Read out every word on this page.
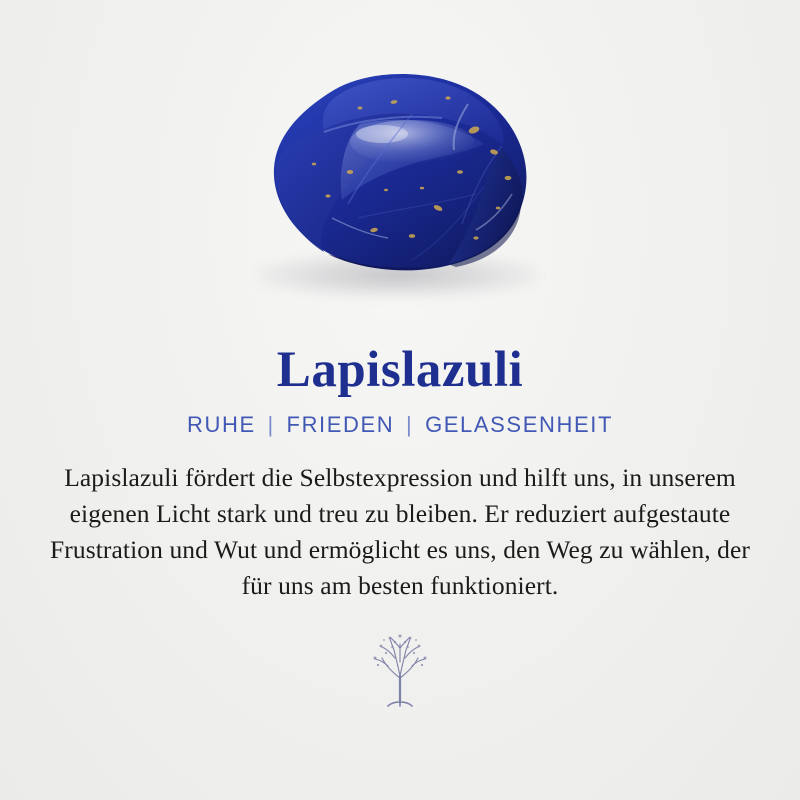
Lapislazuli
RUHE | FRIEDEN | GELASSENHEIT
Lapislazuli fördert die Selbstexpression und hilft uns, in unserem eigenen Licht stark und treu zu bleiben. Er reduziert aufgestaute Frustration und Wut und ermöglicht es uns, den Weg zu wählen, der für uns am besten funktioniert.
